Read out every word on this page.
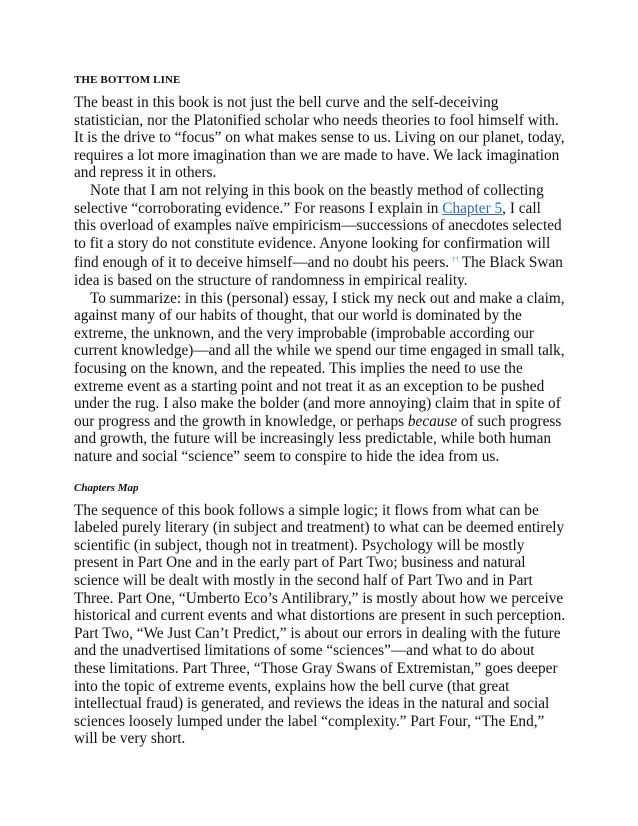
THE BOTTOM LINE

The beast in this book is not just the bell curve and the self-deceiving statistician, nor the Platonified scholar who needs theories to fool himself with. It is the drive to “focus” on what makes sense to us. Living on our planet, today, requires a lot more imagination than we are made to have. We lack imagination and repress it in others.

Note that I am not relying in this book on the beastly method of collecting selective “corroborating evidence.” For reasons I explain in Chapter 5, I call this overload of examples naïve empiricism—successions of anecdotes selected to fit a story do not constitute evidence. Anyone looking for confirmation will find enough of it to deceive himself—and no doubt his peers. †† The Black Swan idea is based on the structure of randomness in empirical reality.

To summarize: in this (personal) essay, I stick my neck out and make a claim, against many of our habits of thought, that our world is dominated by the extreme, the unknown, and the very improbable (improbable according our current knowledge)—and all the while we spend our time engaged in small talk, focusing on the known, and the repeated. This implies the need to use the extreme event as a starting point and not treat it as an exception to be pushed under the rug. I also make the bolder (and more annoying) claim that in spite of our progress and the growth in knowledge, or perhaps because of such progress and growth, the future will be increasingly less predictable, while both human nature and social “science” seem to conspire to hide the idea from us.

Chapters Map

The sequence of this book follows a simple logic; it flows from what can be labeled purely literary (in subject and treatment) to what can be deemed entirely scientific (in subject, though not in treatment). Psychology will be mostly present in Part One and in the early part of Part Two; business and natural science will be dealt with mostly in the second half of Part Two and in Part Three. Part One, “Umberto Eco’s Antilibrary,” is mostly about how we perceive historical and current events and what distortions are present in such perception. Part Two, “We Just Can’t Predict,” is about our errors in dealing with the future and the unadvertised limitations of some “sciences”—and what to do about these limitations. Part Three, “Those Gray Swans of Extremistan,” goes deeper into the topic of extreme events, explains how the bell curve (that great intellectual fraud) is generated, and reviews the ideas in the natural and social sciences loosely lumped under the label “complexity.” Part Four, “The End,” will be very short.
